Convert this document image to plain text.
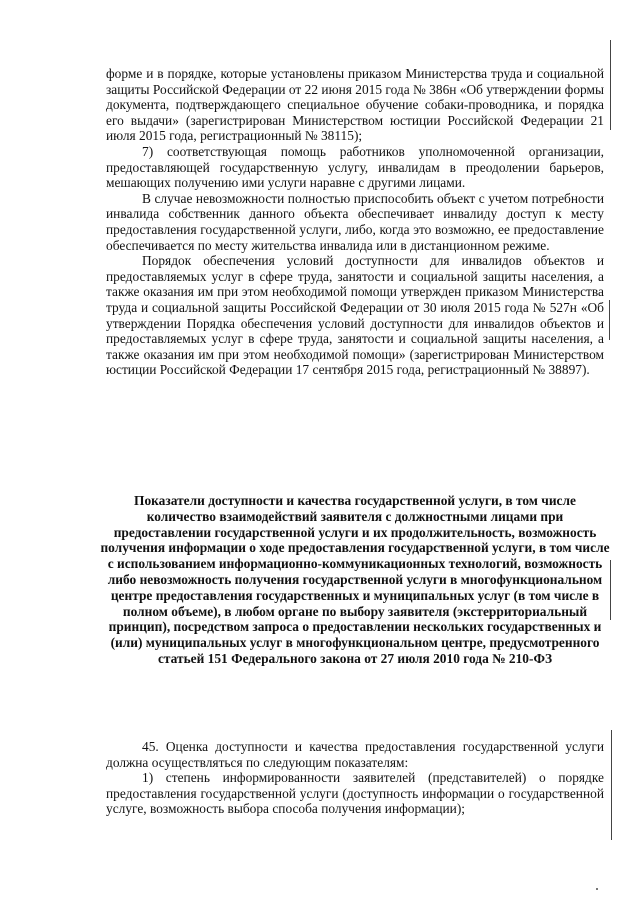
форме и в порядке, которые установлены приказом Министерства труда и социальной защиты Российской Федерации от 22 июня 2015 года № 386н «Об утверждении формы документа, подтверждающего специальное обучение собаки-проводника, и порядка его выдачи» (зарегистрирован Министерством юстиции Российской Федерации 21 июля 2015 года, регистрационный № 38115);

7) соответствующая помощь работников уполномоченной организации, предоставляющей государственную услугу, инвалидам в преодолении барьеров, мешающих получению ими услуги наравне с другими лицами.

В случае невозможности полностью приспособить объект с учетом потребности инвалида собственник данного объекта обеспечивает инвалиду доступ к месту предоставления государственной услуги, либо, когда это возможно, ее предоставление обеспечивается по месту жительства инвалида или в дистанционном режиме.

Порядок обеспечения условий доступности для инвалидов объектов и предоставляемых услуг в сфере труда, занятости и социальной защиты населения, а также оказания им при этом необходимой помощи утвержден приказом Министерства труда и социальной защиты Российской Федерации от 30 июля 2015 года № 527н «Об утверждении Порядка обеспечения условий доступности для инвалидов объектов и предоставляемых услуг в сфере труда, занятости и социальной защиты населения, а также оказания им при этом необходимой помощи» (зарегистрирован Министерством юстиции Российской Федерации 17 сентября 2015 года, регистрационный № 38897).

Показатели доступности и качества государственной услуги, в том числе количество взаимодействий заявителя с должностными лицами при предоставлении государственной услуги и их продолжительность, возможность получения информации о ходе предоставления государственной услуги, в том числе с использованием информационно-коммуникационных технологий, возможность либо невозможность получения государственной услуги в многофункциональном центре предоставления государственных и муниципальных услуг (в том числе в полном объеме), в любом органе по выбору заявителя (экстерриториальный принцип), посредством запроса о предоставлении нескольких государственных и (или) муниципальных услуг в многофункциональном центре, предусмотренного статьей 151 Федерального закона от 27 июля 2010 года № 210-ФЗ

45. Оценка доступности и качества предоставления государственной услуги должна осуществляться по следующим показателям:

1) степень информированности заявителей (представителей) о порядке предоставления государственной услуги (доступность информации о государственной услуге, возможность выбора способа получения информации);
